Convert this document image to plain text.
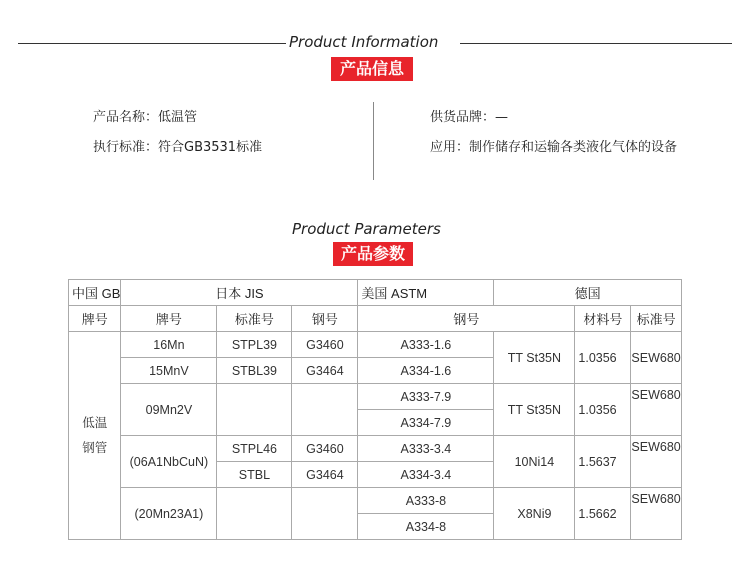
Product Information
产品信息
产品名称：低温管
执行标准：符合GB3531标准
供货品牌：—
应用：制作储存和运输各类液化气体的设备
Product Parameters
产品参数
中国 GB	日本 JIS			美国 ASTM	德国		
牌号	牌号	标准号	钢号	钢号		材料号	标准号
低温
钢管	16Mn	STPL39	G3460	A333-1.6	TT St35N	1.0356	SEW680
	15MnV	STBL39	G3464	A334-1.6			
	09Mn2V			A333-7.9	TT St35N	1.0356	SEW680
				A334-7.9			
	(06A1NbCuN)	STPL46	G3460	A333-3.4	10Ni14	1.5637	SEW680
		STBL	G3464	A334-3.4			
	(20Mn23A1)			A333-8	X8Ni9	1.5662	SEW680
				A334-8			
